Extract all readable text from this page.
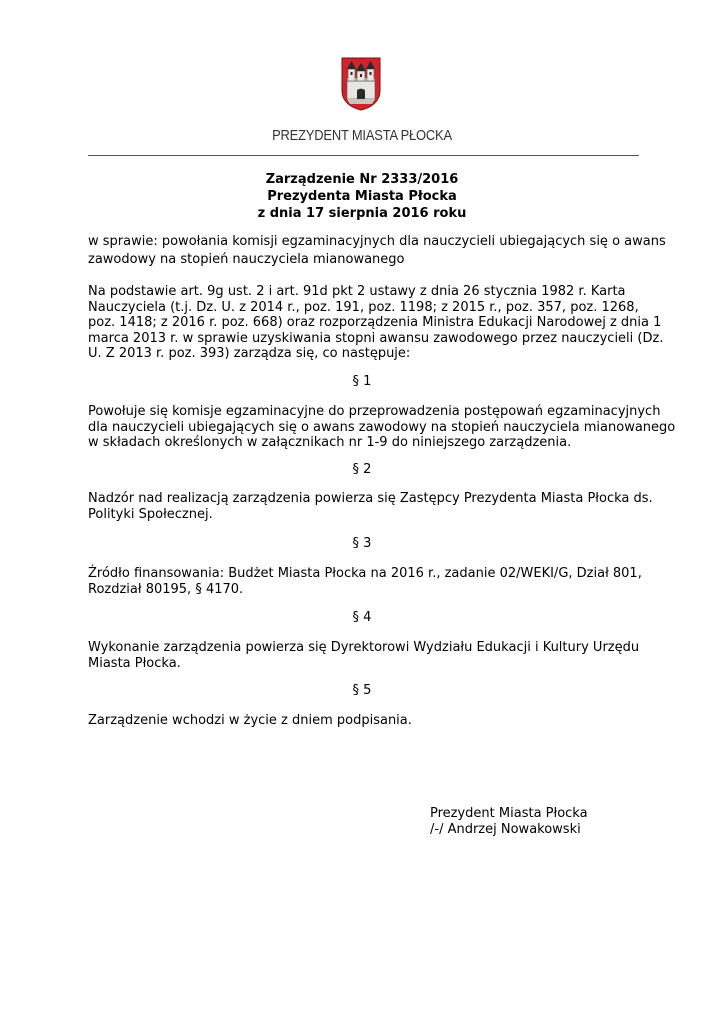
PREZYDENT MIASTA PŁOCKA
Zarządzenie Nr 2333/2016
Prezydenta Miasta Płocka
z dnia 17 sierpnia 2016 roku
w sprawie: powołania komisji egzaminacyjnych dla nauczycieli ubiegających się o awans
zawodowy na stopień nauczyciela mianowanego
Na podstawie art. 9g ust. 2 i art. 91d pkt 2 ustawy z dnia 26 stycznia 1982 r. Karta
Nauczyciela (t.j. Dz. U. z 2014 r., poz. 191, poz. 1198; z 2015 r., poz. 357, poz. 1268,
poz. 1418; z 2016 r. poz. 668) oraz rozporządzenia Ministra Edukacji Narodowej z dnia 1
marca 2013 r. w sprawie uzyskiwania stopni awansu zawodowego przez nauczycieli (Dz.
U. Z 2013 r. poz. 393) zarządza się, co następuje:
§ 1
Powołuje się komisje egzaminacyjne do przeprowadzenia postępowań egzaminacyjnych
dla nauczycieli ubiegających się o awans zawodowy na stopień nauczyciela mianowanego
w składach określonych w załącznikach nr 1-9 do niniejszego zarządzenia.
§ 2
Nadzór nad realizacją zarządzenia powierza się Zastępcy Prezydenta Miasta Płocka ds.
Polityki Społecznej.
§ 3
Źródło finansowania: Budżet Miasta Płocka na 2016 r., zadanie 02/WEKI/G, Dział 801,
Rozdział 80195, § 4170.
§ 4
Wykonanie zarządzenia powierza się Dyrektorowi Wydziału Edukacji i Kultury Urzędu
Miasta Płocka.
§ 5
Zarządzenie wchodzi w życie z dniem podpisania.
Prezydent Miasta Płocka
/-/ Andrzej Nowakowski
